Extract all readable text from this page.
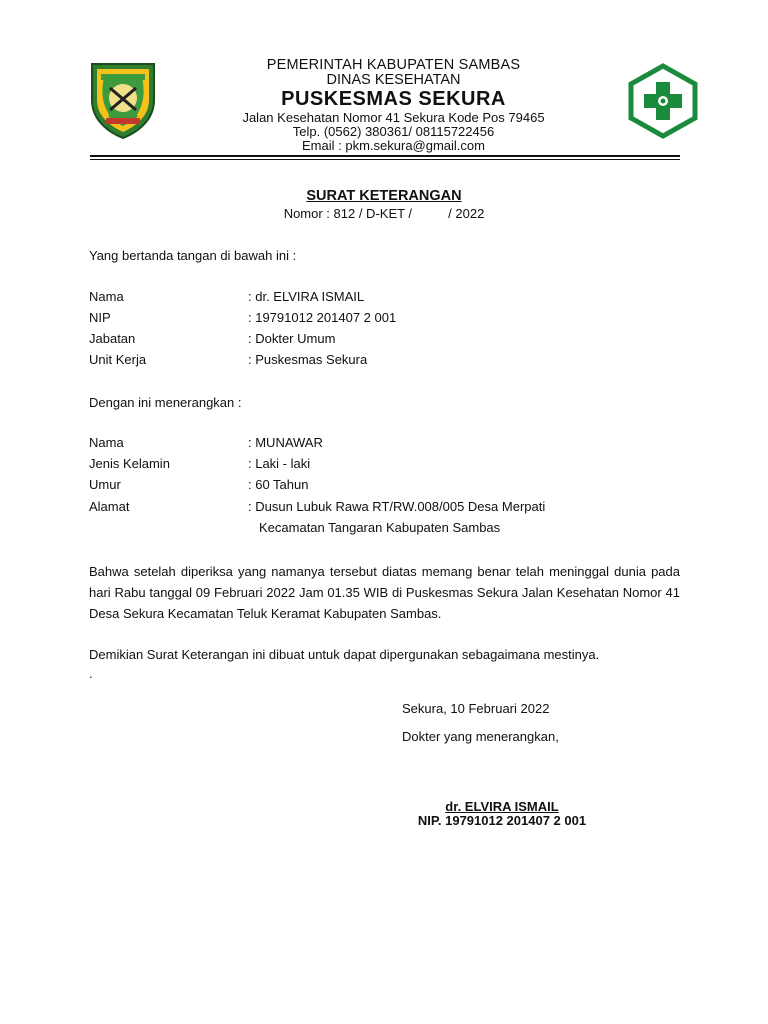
PEMERINTAH KABUPATEN SAMBAS
DINAS KESEHATAN
PUSKESMAS SEKURA
Jalan Kesehatan Nomor 41 Sekura Kode Pos 79465
Telp. (0562) 380361/ 08115722456
Email : pkm.sekura@gmail.com
SURAT KETERANGAN
Nomor : 812 / D-KET /          / 2022
Yang bertanda tangan di bawah ini :
Nama	: dr. ELVIRA ISMAIL
NIP	: 19791012 201407 2 001
Jabatan	: Dokter Umum
Unit Kerja	: Puskesmas Sekura
Dengan ini menerangkan :
Nama	: MUNAWAR
Jenis Kelamin	: Laki - laki
Umur	: 60 Tahun
Alamat	: Dusun Lubuk Rawa RT/RW.008/005 Desa Merpati
Kecamatan Tangaran Kabupaten Sambas
Bahwa setelah diperiksa yang namanya tersebut diatas memang benar telah meninggal dunia pada hari Rabu tanggal 09 Februari 2022 Jam 01.35 WIB di Puskesmas Sekura Jalan Kesehatan Nomor 41 Desa Sekura Kecamatan Teluk Keramat Kabupaten Sambas.
Demikian Surat Keterangan ini dibuat untuk dapat dipergunakan sebagaimana mestinya.
.
Sekura, 10 Februari 2022
Dokter yang menerangkan,
dr. ELVIRA ISMAIL
NIP. 19791012 201407 2 001
